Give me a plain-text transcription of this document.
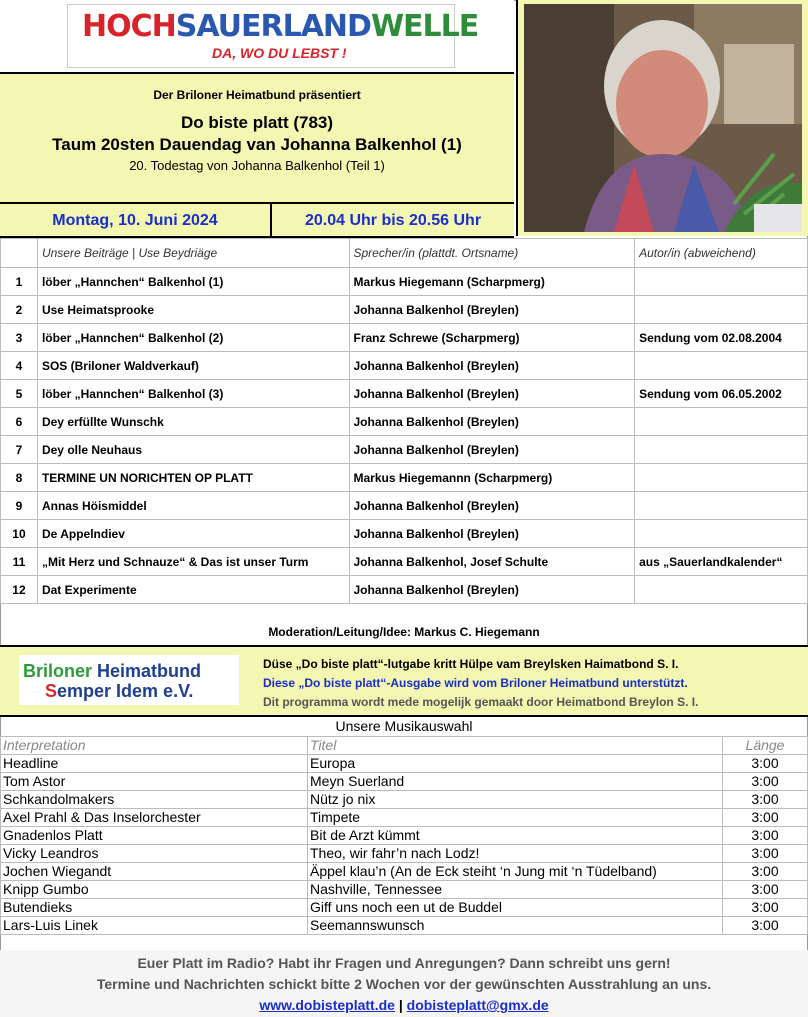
HOCHSAUERLANDWELLE
DA, WO DU LEBST !
Der Briloner Heimatbund präsentiert
Do biste platt (783)
Taum 20sten Dauendag van Johanna Balkenhol (1)
20. Todestag von Johanna Balkenhol (Teil 1)
Montag, 10. Juni 2024	20.04 Uhr bis 20.56 Uhr
	Unsere Beiträge | Use Beydriäge	Sprecher/in (plattdt. Ortsname)	Autor/in (abweichend)
1	löber „Hannchen“ Balkenhol (1)	Markus Hiegemann (Scharpmerg)	
2	Use Heimatsprooke	Johanna Balkenhol (Breylen)	
3	löber „Hannchen“ Balkenhol (2)	Franz Schrewe (Scharpmerg)	Sendung vom 02.08.2004
4	SOS (Briloner Waldverkauf)	Johanna Balkenhol (Breylen)	
5	löber „Hannchen“ Balkenhol (3)	Johanna Balkenhol (Breylen)	Sendung vom 06.05.2002
6	Dey erfüllte Wunschk	Johanna Balkenhol (Breylen)	
7	Dey olle Neuhaus	Johanna Balkenhol (Breylen)	
8	TERMINE UN NORICHTEN OP PLATT	Markus Hiegemannn (Scharpmerg)	
9	Annas Höismiddel	Johanna Balkenhol (Breylen)	
10	De Appelndiev	Johanna Balkenhol (Breylen)	
11	„Mit Herz und Schnauze“ & Das ist unser Turm	Johanna Balkenhol, Josef Schulte	aus „Sauerlandkalender“
12	Dat Experimente	Johanna Balkenhol (Breylen)	
Moderation/Leitung/Idee: Markus C. Hiegemann
Briloner Heimatbund
Semper Idem e.V.
Düse „Do biste platt“-lutgabe kritt Hülpe vam Breylsken Haimatbond S. I.
Diese „Do biste platt“-Ausgabe wird vom Briloner Heimatbund unterstützt.
Dit programma wordt mede mogelijk gemaakt door Heimatbond Breylon S. I.
Unsere Musikauswahl
Interpretation	Titel	Länge
Headline	Europa	3:00
Tom Astor	Meyn Suerland	3:00
Schkandolmakers	Nütz jo nix	3:00
Axel Prahl & Das Inselorchester	Timpete	3:00
Gnadenlos Platt	Bit de Arzt kümmt	3:00
Vicky Leandros	Theo, wir fahr’n nach Lodz!	3:00
Jochen Wiegandt	Äppel klau’n (An de Eck steiht ‘n Jung mit ‘n Tüdelband)	3:00
Knipp Gumbo	Nashville, Tennessee	3:00
Butendieks	Giff uns noch een ut de Buddel	3:00
Lars-Luis Linek	Seemannswunsch	3:00
Euer Platt im Radio? Habt ihr Fragen und Anregungen? Dann schreibt uns gern!
Termine und Nachrichten schickt bitte 2 Wochen vor der gewünschten Ausstrahlung an uns.
www.dobisteplatt.de | dobisteplatt@gmx.de
